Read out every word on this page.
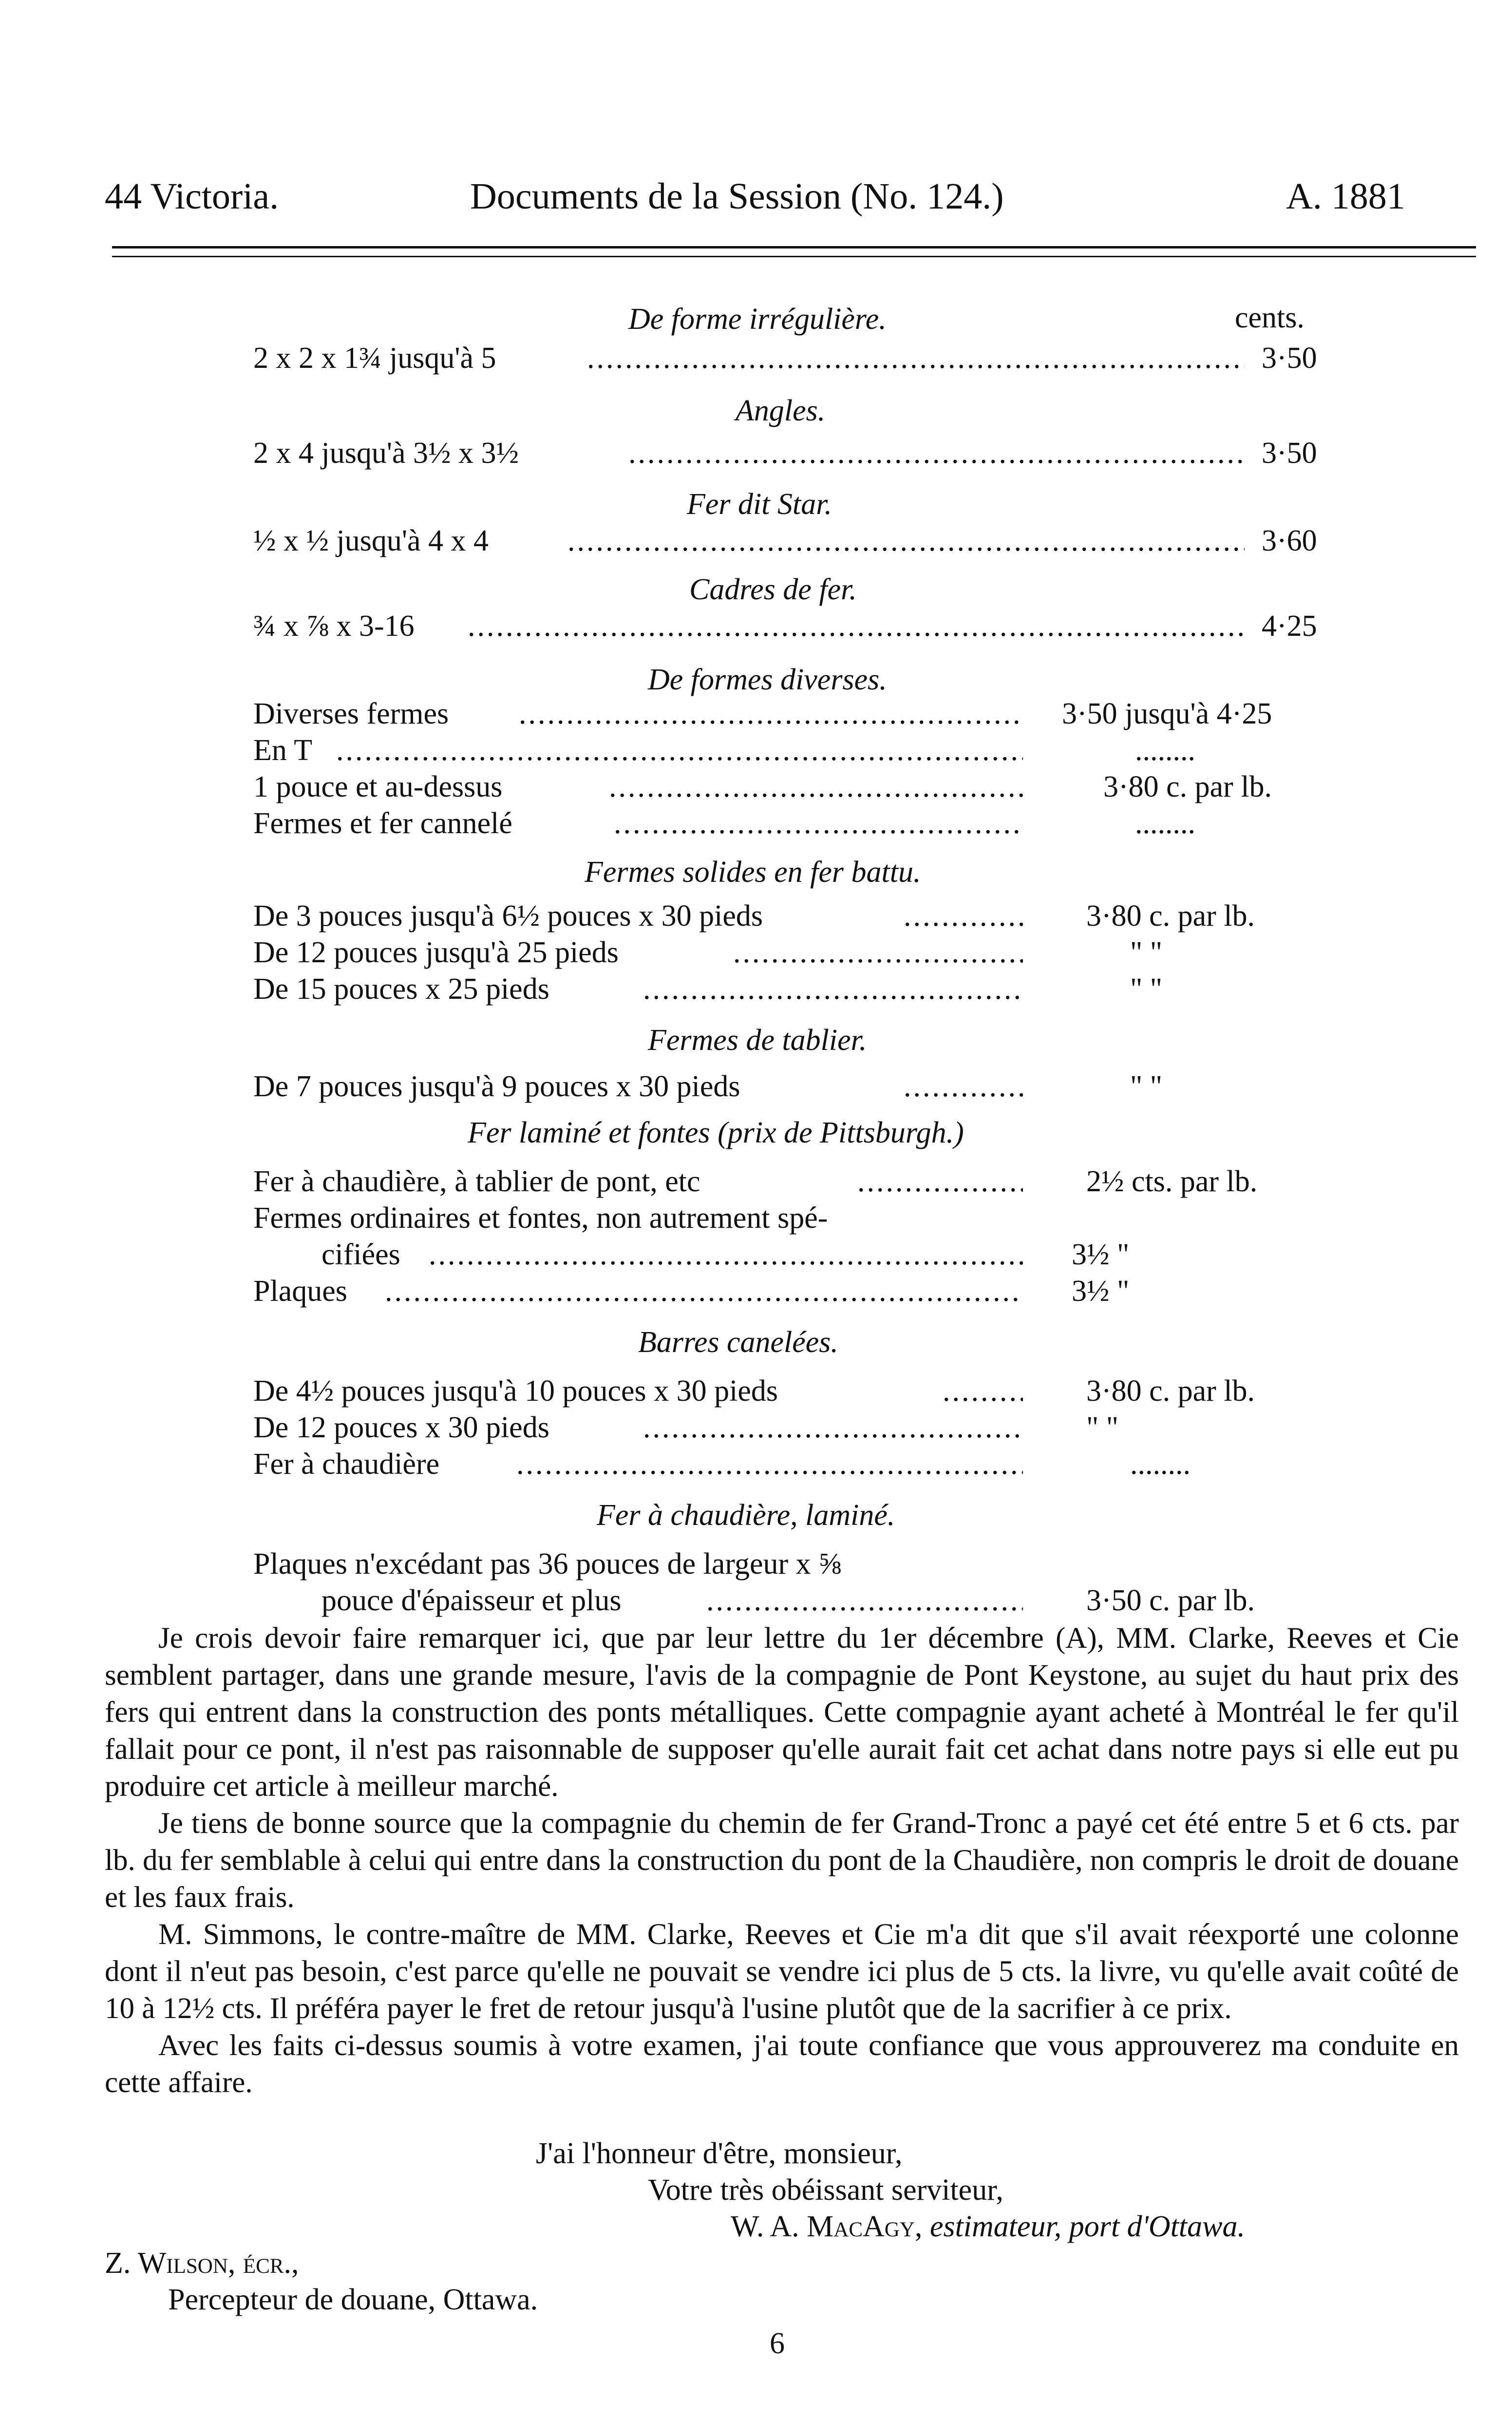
44 Victoria.	Documents de la Session (No. 124.)	A. 1881
De forme irrégulière.	cents.
2 x 2 x 1¾ jusqu'à 5 .....	3·50
Angles.
2 x 4 jusqu'à 3½ x 3½ .....	3·50
Fer dit Star.
½ x ½ jusqu'à 4 x 4 .....	3·60
Cadres de fer.
¾ x ⅞ x 3-16 .....	4·25
De formes diverses.
Diverses fermes .....	3·50 jusqu'à 4·25
En T .....	........
1 pouce et au-dessus .....	3·80 c. par lb.
Fermes et fer cannelé .....	........
Fermes solides en fer battu.
De 3 pouces jusqu'à 6½ pouces x 30 pieds .....	3·80 c. par lb.
De 12 pouces jusqu'à 25 pieds .....	" "
De 15 pouces x 25 pieds .....	" "
Fermes de tablier.
De 7 pouces jusqu'à 9 pouces x 30 pieds .....	" "
Fer laminé et fontes (prix de Pittsburgh.)
Fer à chaudière, à tablier de pont, etc .....	2½ cts. par lb.
Fermes ordinaires et fontes, non autrement spé-
cifiées .....	3½ "
Plaques .....	3½ "
Barres canelées.
De 4½ pouces jusqu'à 10 pouces x 30 pieds .....	3·80 c. par lb.
De 12 pouces x 30 pieds .....	" "
Fer à chaudière .....	........
Fer à chaudière, laminé.
Plaques n'excédant pas 36 pouces de largeur x ⅝
pouce d'épaisseur et plus .....	3·50 c. par lb.

Je crois devoir faire remarquer ici, que par leur lettre du 1er décembre (A), MM. Clarke, Reeves et Cie semblent partager, dans une grande mesure, l'avis de la compagnie de Pont Keystone, au sujet du haut prix des fers qui entrent dans la construction des ponts métalliques. Cette compagnie ayant acheté à Montréal le fer qu'il fallait pour ce pont, il n'est pas raisonnable de supposer qu'elle aurait fait cet achat dans notre pays si elle eut pu produire cet article à meilleur marché.

Je tiens de bonne source que la compagnie du chemin de fer Grand-Tronc a payé cet été entre 5 et 6 cts. par lb. du fer semblable à celui qui entre dans la construction du pont de la Chaudière, non compris le droit de douane et les faux frais.

M. Simmons, le contre-maître de MM. Clarke, Reeves et Cie m'a dit que s'il avait réexporté une colonne dont il n'eut pas besoin, c'est parce qu'elle ne pouvait se vendre ici plus de 5 cts. la livre, vu qu'elle avait coûté de 10 à 12½ cts. Il préféra payer le fret de retour jusqu'à l'usine plutôt que de la sacrifier à ce prix.

Avec les faits ci-dessus soumis à votre examen, j'ai toute confiance que vous approuverez ma conduite en cette affaire.

J'ai l'honneur d'être, monsieur,
Votre très obéissant serviteur,
W. A. MacAgy, estimateur, port d'Ottawa.
Z. Wilson, écr.,
Percepteur de douane, Ottawa.
6
